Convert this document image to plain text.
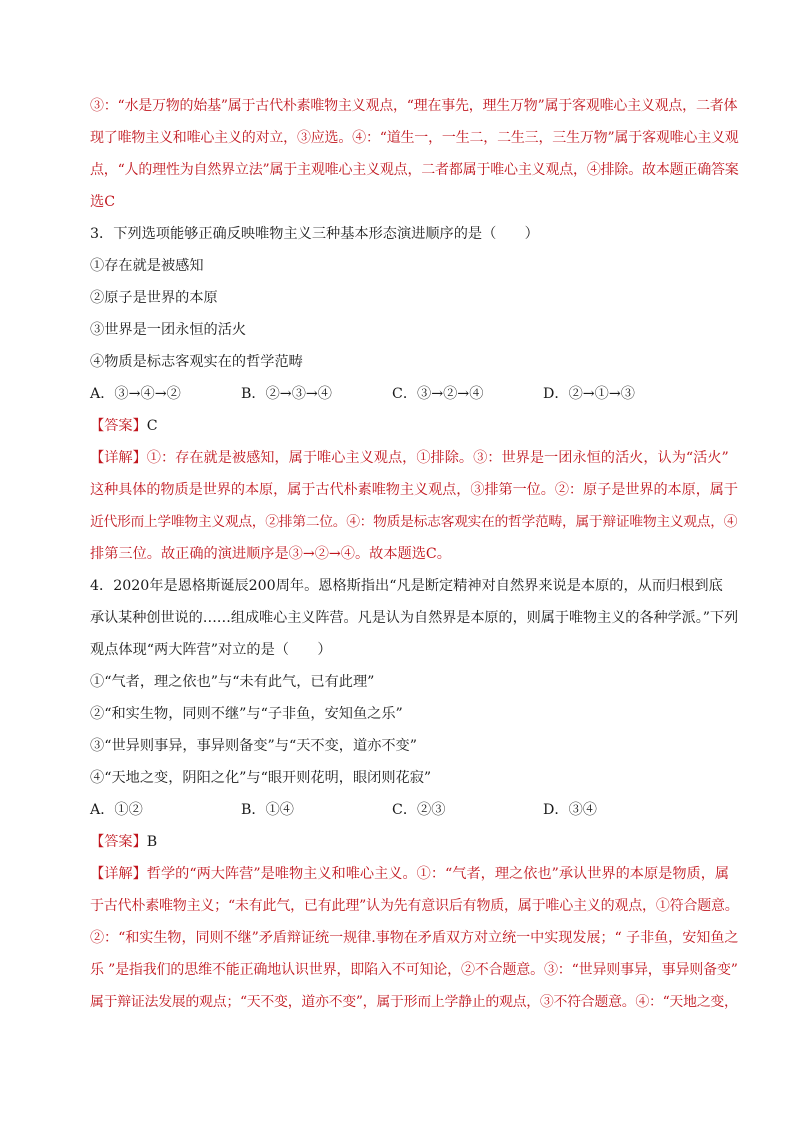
③：“水是万物的始基”属于古代朴素唯物主义观点，“理在事先，理生万物”属于客观唯心主义观点，二者体
现了唯物主义和唯心主义的对立，③应选。④：“道生一，一生二，二生三，三生万物”属于客观唯心主义观
点，“人的理性为自然界立法”属于主观唯心主义观点，二者都属于唯心主义观点，④排除。故本题正确答案
选C
3．下列选项能够正确反映唯物主义三种基本形态演进顺序的是（　　）
①存在就是被感知
②原子是世界的本原
③世界是一团永恒的活火
④物质是标志客观实在的哲学范畴
A．③→④→②	B．②→③→④	C．③→②→④	D．②→①→③
【答案】C
【详解】①：存在就是被感知，属于唯心主义观点，①排除。③：世界是一团永恒的活火，认为“活火”
这种具体的物质是世界的本原，属于古代朴素唯物主义观点，③排第一位。②：原子是世界的本原，属于
近代形而上学唯物主义观点，②排第二位。④：物质是标志客观实在的哲学范畴，属于辩证唯物主义观点，④
排第三位。故正确的演进顺序是③→②→④。故本题选C。
4．2020年是恩格斯诞辰200周年。恩格斯指出“凡是断定精神对自然界来说是本原的，从而归根到底
承认某种创世说的……组成唯心主义阵营。凡是认为自然界是本原的，则属于唯物主义的各种学派。”下列
观点体现“两大阵营”对立的是（　　）
①“气者，理之依也”与“未有此气，已有此理”
②“和实生物，同则不继”与“子非鱼，安知鱼之乐”
③“世异则事异，事异则备变”与“天不变，道亦不变”
④“天地之变，阴阳之化”与“眼开则花明，眼闭则花寂”
A．①②	B．①④	C．②③	D．③④
【答案】B
【详解】哲学的“两大阵营”是唯物主义和唯心主义。①：“气者，理之依也”承认世界的本原是物质，属
于古代朴素唯物主义；“未有此气，已有此理”认为先有意识后有物质，属于唯心主义的观点，①符合题意。
②：“和实生物，同则不继”矛盾辩证统一规律.事物在矛盾双方对立统一中实现发展；“ 子非鱼，安知鱼之
乐 ”是指我们的思维不能正确地认识世界，即陷入不可知论，②不合题意。③：“世异则事异，事异则备变”
属于辩证法发展的观点；“天不变，道亦不变”，属于形而上学静止的观点，③不符合题意。④：“天地之变，
